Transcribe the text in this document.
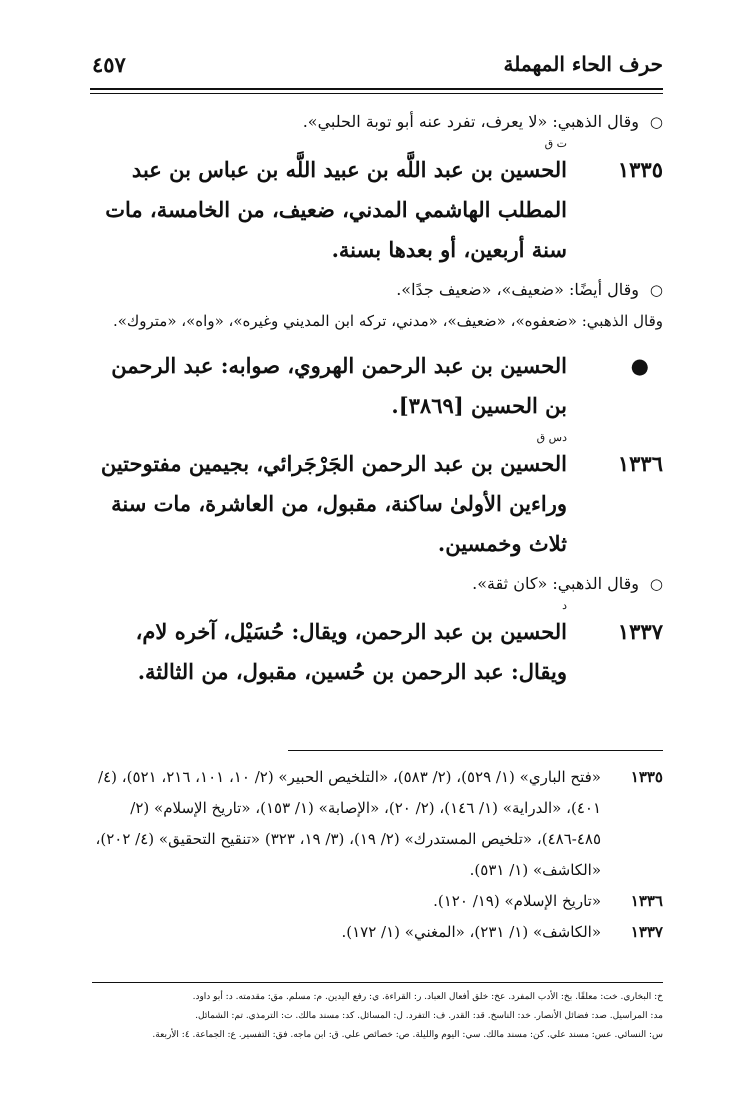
حرف الحاء المهملة
٤٥٧
○
وقال الذهبي: «لا يعرف، تفرد عنه أبو توبة الحلبي».
ت ق
١٣٣٥
الحسين بن عبد اللَّه بن عبيد اللَّه بن عباس بن عبد المطلب الهاشمي المدني، ضعيف، من الخامسة، مات سنة أربعين، أو بعدها بسنة.
○
وقال أيضًا: «ضعيف»، «ضعيف جدًا».
وقال الذهبي: «ضعفوه»، «ضعيف»، «مدني، تركه ابن المديني وغيره»، «واه»، «متروك».
●
الحسين بن عبد الرحمن الهروي، صوابه: عبد الرحمن بن الحسين [٣٨٦٩].
دس ق
١٣٣٦
الحسين بن عبد الرحمن الجَرْجَرائي، بجيمين مفتوحتين وراءين الأولىٰ ساكنة، مقبول، من العاشرة، مات سنة ثلاث وخمسين.
○
وقال الذهبي: «كان ثقة».
د
١٣٣٧
الحسين بن عبد الرحمن، ويقال: حُسَيْل، آخره لام، ويقال: عبد الرحمن بن حُسين، مقبول، من الثالثة.
١٣٣٥
«فتح الباري» (١/ ٥٢٩)، (٢/ ٥٨٣)، «التلخيص الحبير» (٢/ ١٠، ١٠١، ٢١٦، ٥٢١)، (٤/ ٤٠١)، «الدراية» (١/ ١٤٦)، (٢/ ٢٠)، «الإصابة» (١/ ١٥٣)، «تاريخ الإسلام» (٢/ ٤٨٥-٤٨٦)، «تلخيص المستدرك» (٢/ ١٩)، (٣/ ١٩، ٣٢٣) «تنقيح التحقيق» (٤/ ٢٠٢)، «الكاشف» (١/ ٥٣١).
١٣٣٦
«تاريخ الإسلام» (١٩/ ١٢٠).
١٣٣٧
«الكاشف» (١/ ٢٣١)، «المغني» (١/ ١٧٢).
خ: البخاري. خت: معلقًا. بخ: الأدب المفرد. عخ: خلق أفعال العباد. ر: القراءة. ي: رفع اليدين. م: مسلم. مق: مقدمته. د: أبو داود.
مد: المراسيل. صد: فضائل الأنصار. خد: الناسخ. قد: القدر. ف: التفرد. ل: المسائل. كد: مسند مالك. ت: الترمذي. تم: الشمائل.
س: النسائي. عس: مسند علي. كن: مسند مالك. سي: اليوم والليلة. ص: خصائص علي. ق: ابن ماجه. فق: التفسير. ع: الجماعة. ٤: الأربعة.
